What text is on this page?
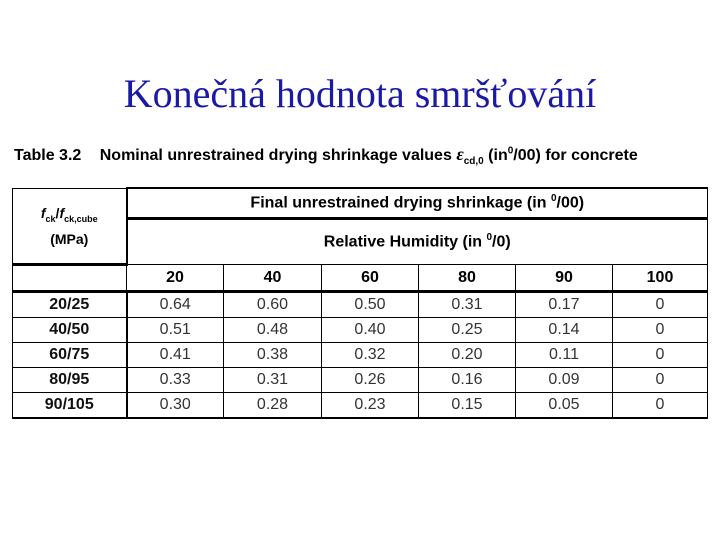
Konečná hodnota smršťování
Table 3.2 Nominal unrestrained drying shrinkage values $\varepsilon_{cd,0}$ $(in^0/00)$ for concrete
$f_{ck}/f_{ck,cube}$
(MPa)	Final unrestrained drying shrinkage (in $^0$/00)					
	Relative Humidity (in $^0$/0)					
	20	40	60	80	90	100
20/25	0.64	0.60	0.50	0.31	0.17	0
40/50	0.51	0.48	0.40	0.25	0.14	0
60/75	0.41	0.38	0.32	0.20	0.11	0
80/95	0.33	0.31	0.26	0.16	0.09	0
90/105	0.30	0.28	0.23	0.15	0.05	0
